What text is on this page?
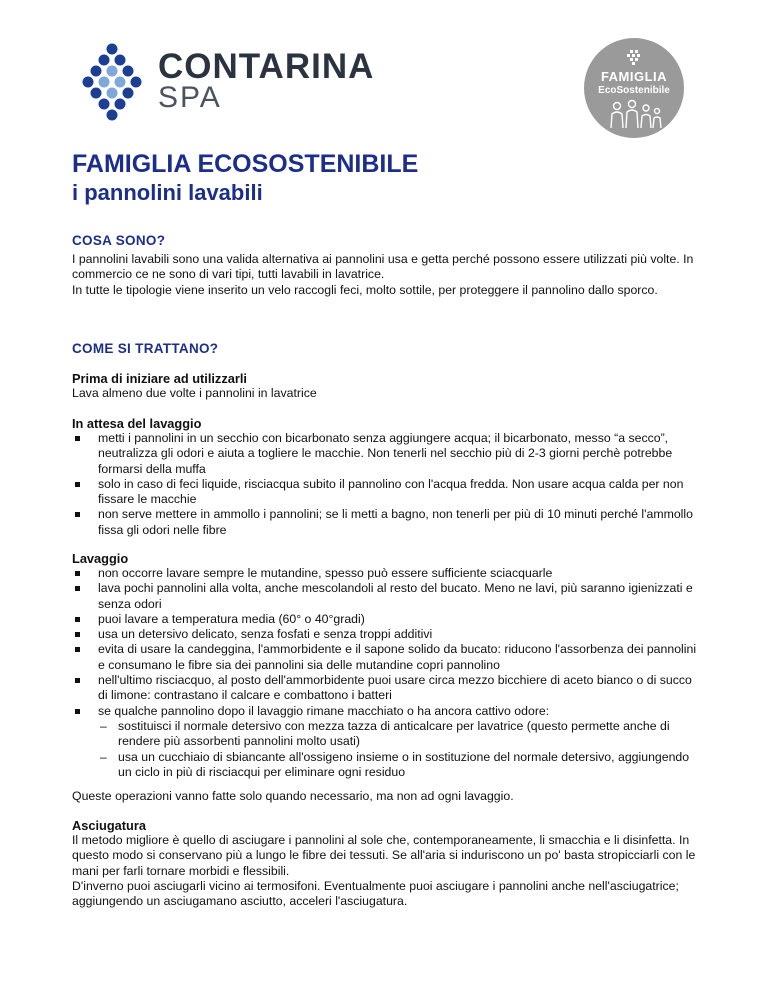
CONTARINA
SPA
FAMIGLIA
EcoSostenibile
FAMIGLIA ECOSOSTENIBILE
i pannolini lavabili
COSA SONO?

I pannolini lavabili sono una valida alternativa ai pannolini usa e getta perché possono essere utilizzati più volte. In commercio ce ne sono di vari tipi, tutti lavabili in lavatrice.

In tutte le tipologie viene inserito un velo raccogli feci, molto sottile, per proteggere il pannolino dallo sporco.

COME SI TRATTANO?
Prima di iniziare ad utilizzarli
Lava almeno due volte i pannolini in lavatrice
In attesa del lavaggio
metti i pannolini in un secchio con bicarbonato senza aggiungere acqua; il bicarbonato, messo “a secco”, neutralizza gli odori e aiuta a togliere le macchie. Non tenerli nel secchio più di 2-3 giorni perchè potrebbe formarsi della muffa
solo in caso di feci liquide, risciacqua subito il pannolino con l'acqua fredda. Non usare acqua calda per non fissare le macchie
non serve mettere in ammollo i pannolini; se li metti a bagno, non tenerli per più di 10 minuti perché l'ammollo fissa gli odori nelle fibre
Lavaggio
non occorre lavare sempre le mutandine, spesso può essere sufficiente sciacquarle
lava pochi pannolini alla volta, anche mescolandoli al resto del bucato. Meno ne lavi, più saranno igienizzati e senza odori
puoi lavare a temperatura media (60° o 40°gradi)
usa un detersivo delicato, senza fosfati e senza troppi additivi
evita di usare la candeggina, l'ammorbidente e il sapone solido da bucato: riducono l'assorbenza dei pannolini e consumano le fibre sia dei pannolini sia delle mutandine copri pannolino
nell'ultimo risciacquo, al posto dell'ammorbidente puoi usare circa mezzo bicchiere di aceto bianco o di succo di limone: contrastano il calcare e combattono i batteri
se qualche pannolino dopo il lavaggio rimane macchiato o ha ancora cattivo odore:
– sostituisci il normale detersivo con mezza tazza di anticalcare per lavatrice (questo permette anche di rendere più assorbenti pannolini molto usati)
– usa un cucchiaio di sbiancante all'ossigeno insieme o in sostituzione del normale detersivo, aggiungendo un ciclo in più di risciacqui per eliminare ogni residuo
Queste operazioni vanno fatte solo quando necessario, ma non ad ogni lavaggio.
Asciugatura

Il metodo migliore è quello di asciugare i pannolini al sole che, contemporaneamente, li smacchia e li disinfetta. In questo modo si conservano più a lungo le fibre dei tessuti. Se all'aria si induriscono un po' basta stropicciarli con le mani per farli tornare morbidi e flessibili.

D'inverno puoi asciugarli vicino ai termosifoni. Eventualmente puoi asciugare i pannolini anche nell'asciugatrice; aggiungendo un asciugamano asciutto, acceleri l'asciugatura.
